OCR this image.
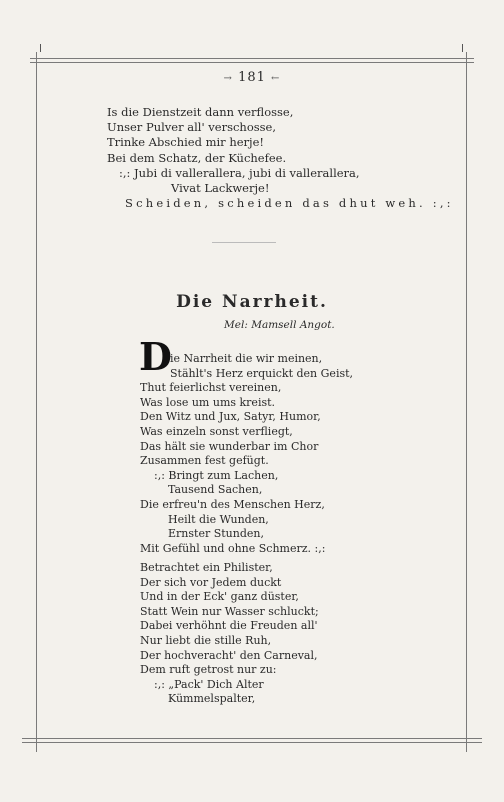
→ 181 ←
Is die Dienstzeit dann verflosse,
Unser Pulver all' verschosse,
Trinke Abschied mir herje!
Bei dem Schatz, der Küchefee.
:,: Jubi di vallerallera, jubi di vallerallera,
Vivat Lackwerje!
Scheiden, scheiden das dhut weh. :,:
Die Narrheit.
Mel: Mamsell Angot.
D
ie Narrheit die wir meinen,
Stählt's Herz erquickt den Geist,
Thut feierlichst vereinen,
Was lose um ums kreist.
Den Witz und Jux, Satyr, Humor,
Was einzeln sonst verfliegt,
Das hält sie wunderbar im Chor
Zusammen fest gefügt.
:,: Bringt zum Lachen,
Tausend Sachen,
Die erfreu'n des Menschen Herz,
Heilt die Wunden,
Ernster Stunden,
Mit Gefühl und ohne Schmerz. :,:
Betrachtet ein Philister,
Der sich vor Jedem duckt
Und in der Eck' ganz düster,
Statt Wein nur Wasser schluckt;
Dabei verhöhnt die Freuden all'
Nur liebt die stille Ruh,
Der hochveracht' den Carneval,
Dem ruft getrost nur zu:
:,: „Pack' Dich Alter
Kümmelspalter,
